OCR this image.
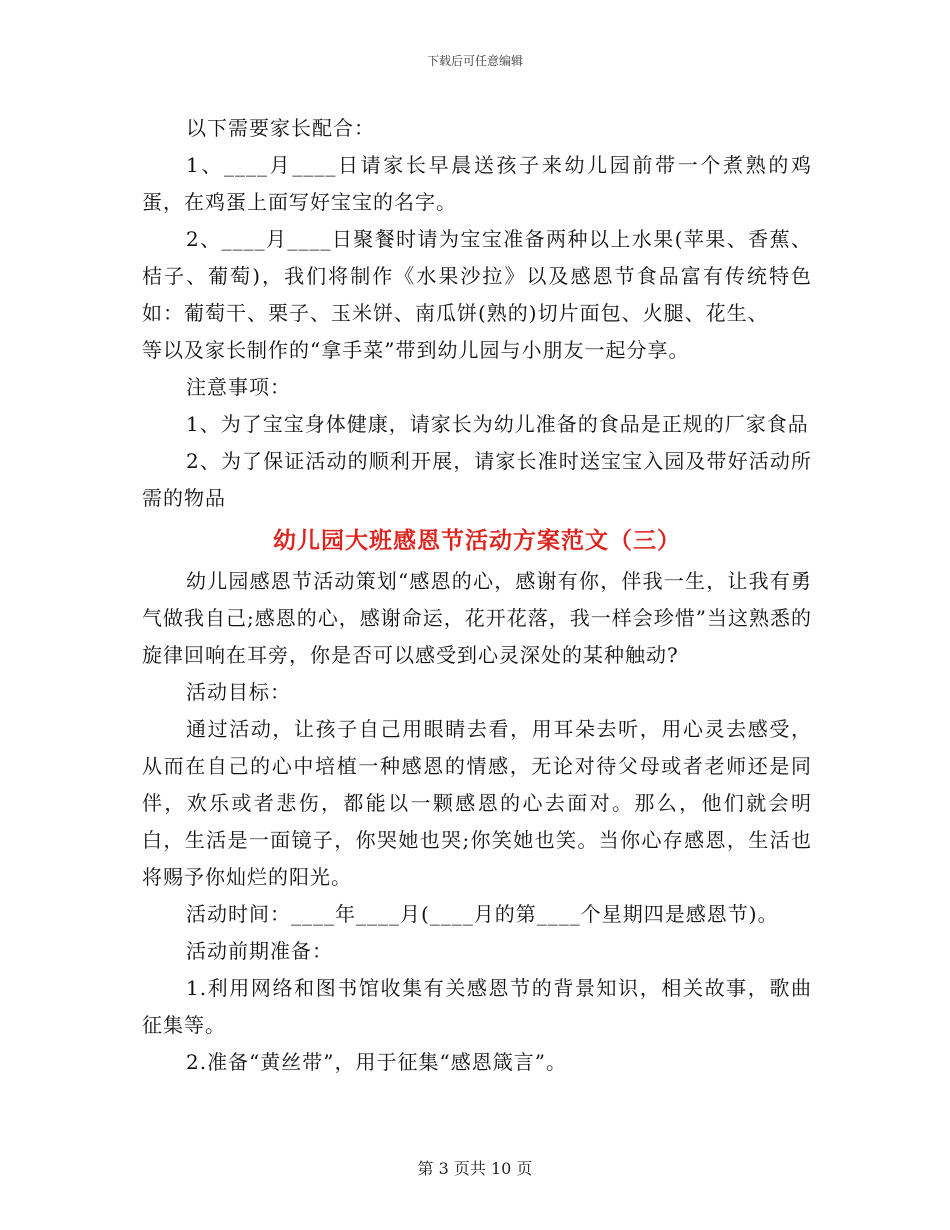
下载后可任意编辑

以下需要家长配合：

1、____月____日请家长早晨送孩子来幼儿园前带一个煮熟的鸡蛋，在鸡蛋上面写好宝宝的名字。

2、____月____日聚餐时请为宝宝准备两种以上水果(苹果、香蕉、桔子、葡萄)，我们将制作《水果沙拉》以及感恩节食品富有传统特色如：葡萄干、栗子、玉米饼、南瓜饼(熟的)切片面包、火腿、花生、

等以及家长制作的“拿手菜”带到幼儿园与小朋友一起分享。

注意事项：

1、为了宝宝身体健康，请家长为幼儿准备的食品是正规的厂家食品

2、为了保证活动的顺利开展，请家长准时送宝宝入园及带好活动所需的物品

幼儿园大班感恩节活动方案范文（三）

幼儿园感恩节活动策划“感恩的心，感谢有你，伴我一生，让我有勇气做我自己;感恩的心，感谢命运，花开花落，我一样会珍惜”当这熟悉的旋律回响在耳旁，你是否可以感受到心灵深处的某种触动?

活动目标：

通过活动，让孩子自己用眼睛去看，用耳朵去听，用心灵去感受，从而在自己的心中培植一种感恩的情感，无论对待父母或者老师还是同伴，欢乐或者悲伤，都能以一颗感恩的心去面对。那么，他们就会明白，生活是一面镜子，你哭她也哭;你笑她也笑。当你心存感恩，生活也将赐予你灿烂的阳光。

活动时间：____年____月(____月的第____个星期四是感恩节)。

活动前期准备：

1.利用网络和图书馆收集有关感恩节的背景知识，相关故事，歌曲征集等。

2.准备“黄丝带”，用于征集“感恩箴言”。

第 3 页共 10 页
